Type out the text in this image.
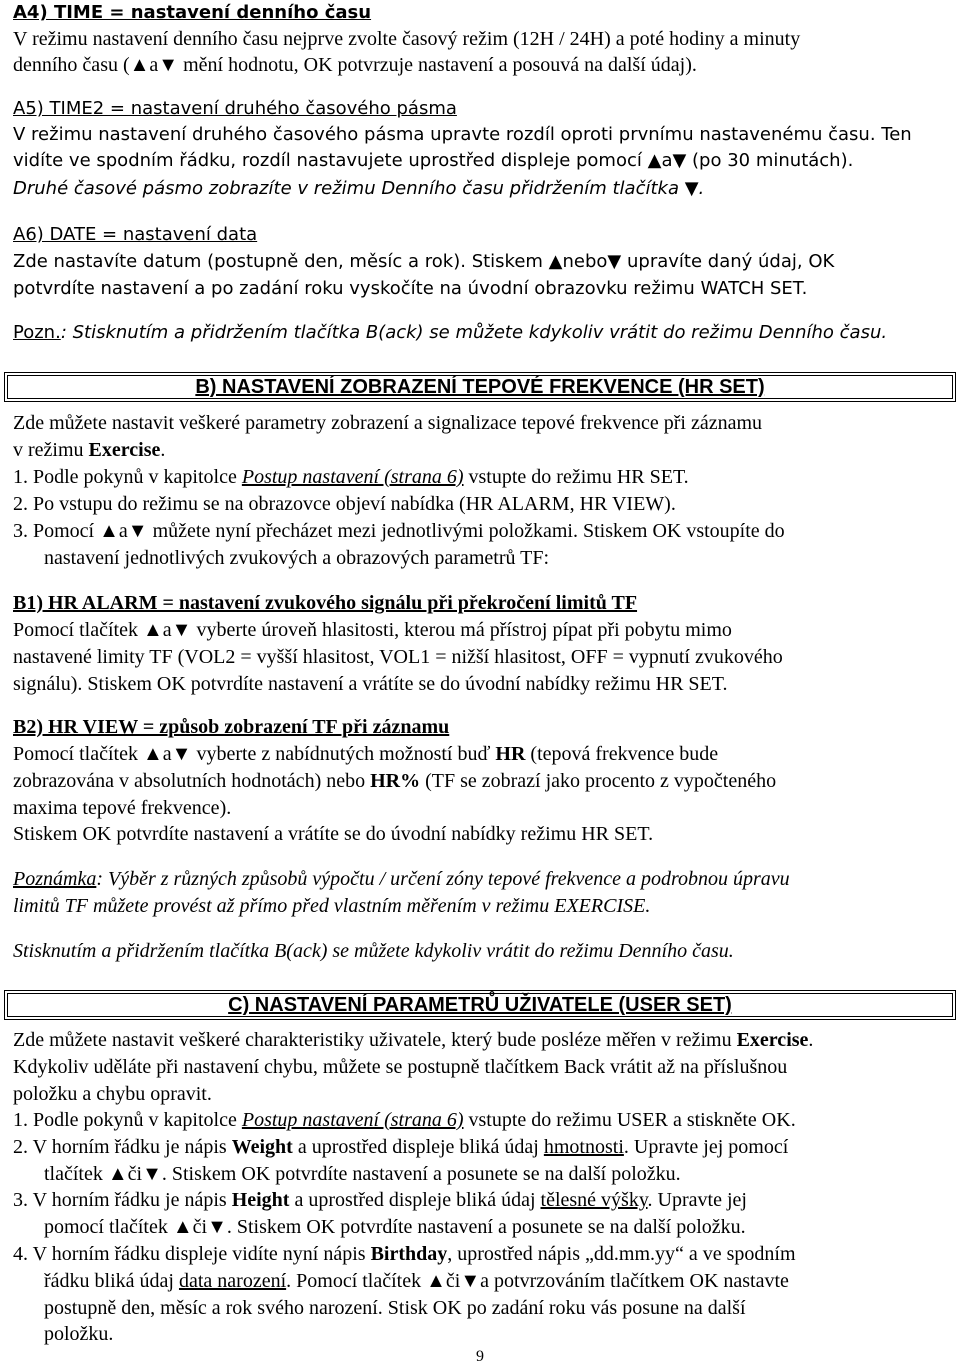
A4) TIME = nastavení denního času
V režimu nastavení denního času nejprve zvolte časový režim (12H / 24H) a poté hodiny a minuty
denního času (▲a▼ mění hodnotu, OK potvrzuje nastavení a posouvá na další údaj).
A5) TIME2 = nastavení druhého časového pásma
V režimu nastavení druhého časového pásma upravte rozdíl oproti prvnímu nastavenému času. Ten
vidíte ve spodním řádku, rozdíl nastavujete uprostřed displeje pomocí ▲a▼ (po 30 minutách).
Druhé časové pásmo zobrazíte v režimu Denního času přidržením tlačítka ▼.
A6) DATE = nastavení data
Zde nastavíte datum (postupně den, měsíc a rok). Stiskem ▲nebo▼ upravíte daný údaj, OK
potvrdíte nastavení a po zadání roku vyskočíte na úvodní obrazovku režimu WATCH SET.
Pozn.: Stisknutím a přidržením tlačítka B(ack) se můžete kdykoliv vrátit do režimu Denního času.
B) NASTAVENÍ ZOBRAZENÍ TEPOVÉ FREKVENCE (HR SET)
Zde můžete nastavit veškeré parametry zobrazení a signalizace tepové frekvence při záznamu
v režimu Exercise.
1. Podle pokynů v kapitolce Postup nastavení (strana 6) vstupte do režimu HR SET.
2. Po vstupu do režimu se na obrazovce objeví nabídka (HR ALARM, HR VIEW).
3. Pomocí ▲a▼ můžete nyní přecházet mezi jednotlivými položkami. Stiskem OK vstoupíte do
nastavení jednotlivých zvukových a obrazových parametrů TF:
B1) HR ALARM = nastavení zvukového signálu při překročení limitů TF
Pomocí tlačítek ▲a▼ vyberte úroveň hlasitosti, kterou má přístroj pípat při pobytu mimo
nastavené limity TF (VOL2 = vyšší hlasitost, VOL1 = nižší hlasitost, OFF = vypnutí zvukového
signálu). Stiskem OK potvrdíte nastavení a vrátíte se do úvodní nabídky režimu HR SET.
B2) HR VIEW = způsob zobrazení TF při záznamu
Pomocí tlačítek ▲a▼ vyberte z nabídnutých možností buď HR (tepová frekvence bude
zobrazována v absolutních hodnotách) nebo HR% (TF se zobrazí jako procento z vypočteného
maxima tepové frekvence).
Stiskem OK potvrdíte nastavení a vrátíte se do úvodní nabídky režimu HR SET.
Poznámka: Výběr z různých způsobů výpočtu / určení zóny tepové frekvence a podrobnou úpravu
limitů TF můžete provést až přímo před vlastním měřením v režimu EXERCISE.
Stisknutím a přidržením tlačítka B(ack) se můžete kdykoliv vrátit do režimu Denního času.
C) NASTAVENÍ PARAMETRŮ UŽIVATELE (USER SET)
Zde můžete nastavit veškeré charakteristiky uživatele, který bude posléze měřen v režimu Exercise.
Kdykoliv uděláte při nastavení chybu, můžete se postupně tlačítkem Back vrátit až na příslušnou
položku a chybu opravit.
1. Podle pokynů v kapitolce Postup nastavení (strana 6) vstupte do režimu USER a stiskněte OK.
2. V horním řádku je nápis Weight a uprostřed displeje bliká údaj hmotnosti. Upravte jej pomocí
tlačítek ▲či▼. Stiskem OK potvrdíte nastavení a posunete se na další položku.
3. V horním řádku je nápis Height a uprostřed displeje bliká údaj tělesné výšky. Upravte jej
pomocí tlačítek ▲či▼. Stiskem OK potvrdíte nastavení a posunete se na další položku.
4. V horním řádku displeje vidíte nyní nápis Birthday, uprostřed nápis „dd.mm.yy“ a ve spodním
řádku bliká údaj data narození. Pomocí tlačítek ▲či▼a potvrzováním tlačítkem OK nastavte
postupně den, měsíc a rok svého narození. Stisk OK po zadání roku vás posune na další
položku.
9
